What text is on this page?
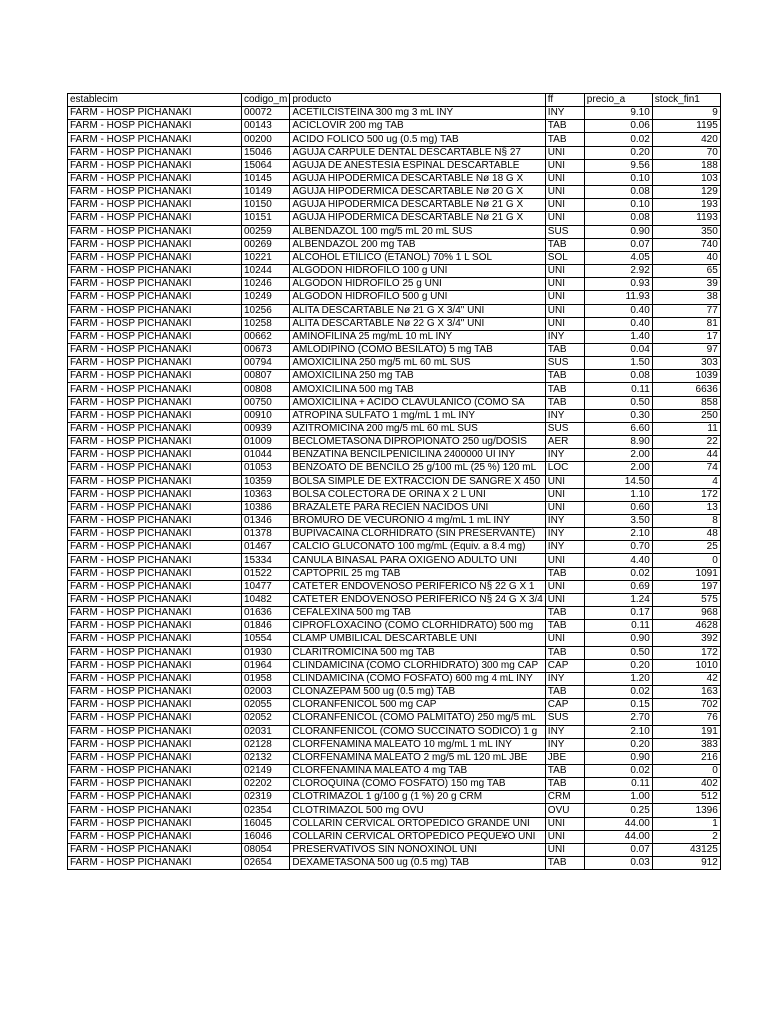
establecim	codigo_m	producto	ff	precio_a	stock_fin1
FARM - HOSP PICHANAKI	00072	ACETILCISTEINA 300 mg 3 mL INY	INY	9.10	9
FARM - HOSP PICHANAKI	00143	ACICLOVIR 200 mg TAB	TAB	0.06	1195
FARM - HOSP PICHANAKI	00200	ACIDO FOLICO 500 ug (0.5 mg) TAB	TAB	0.02	420
FARM - HOSP PICHANAKI	15046	AGUJA CARPULE DENTAL DESCARTABLE N§ 27	UNI	0.20	70
FARM - HOSP PICHANAKI	15064	AGUJA DE ANESTESIA ESPINAL DESCARTABLE	UNI	9.56	188
FARM - HOSP PICHANAKI	10145	AGUJA HIPODERMICA DESCARTABLE Nø 18 G X	UNI	0.10	103
FARM - HOSP PICHANAKI	10149	AGUJA HIPODERMICA DESCARTABLE Nø 20 G X	UNI	0.08	129
FARM - HOSP PICHANAKI	10150	AGUJA HIPODERMICA DESCARTABLE Nø 21 G X	UNI	0.10	193
FARM - HOSP PICHANAKI	10151	AGUJA HIPODERMICA DESCARTABLE Nø 21 G X	UNI	0.08	1193
FARM - HOSP PICHANAKI	00259	ALBENDAZOL 100 mg/5 mL 20 mL SUS	SUS	0.90	350
FARM - HOSP PICHANAKI	00269	ALBENDAZOL 200 mg TAB	TAB	0.07	740
FARM - HOSP PICHANAKI	10221	ALCOHOL ETILICO (ETANOL) 70% 1 L SOL	SOL	4.05	40
FARM - HOSP PICHANAKI	10244	ALGODON HIDROFILO 100 g UNI	UNI	2.92	65
FARM - HOSP PICHANAKI	10246	ALGODON HIDROFILO 25 g UNI	UNI	0.93	39
FARM - HOSP PICHANAKI	10249	ALGODON HIDROFILO 500 g UNI	UNI	11.93	38
FARM - HOSP PICHANAKI	10256	ALITA DESCARTABLE Nø 21 G X 3/4" UNI	UNI	0.40	77
FARM - HOSP PICHANAKI	10258	ALITA DESCARTABLE Nø 22 G X 3/4" UNI	UNI	0.40	81
FARM - HOSP PICHANAKI	00662	AMINOFILINA 25 mg/mL 10 mL INY	INY	1.40	17
FARM - HOSP PICHANAKI	00673	AMLODIPINO (COMO BESILATO) 5 mg TAB	TAB	0.04	97
FARM - HOSP PICHANAKI	00794	AMOXICILINA 250 mg/5 mL 60 mL SUS	SUS	1.50	303
FARM - HOSP PICHANAKI	00807	AMOXICILINA 250 mg TAB	TAB	0.08	1039
FARM - HOSP PICHANAKI	00808	AMOXICILINA 500 mg TAB	TAB	0.11	6636
FARM - HOSP PICHANAKI	00750	AMOXICILINA + ACIDO CLAVULANICO (COMO SA	TAB	0.50	858
FARM - HOSP PICHANAKI	00910	ATROPINA SULFATO 1 mg/mL 1 mL INY	INY	0.30	250
FARM - HOSP PICHANAKI	00939	AZITROMICINA 200 mg/5 mL 60 mL SUS	SUS	6.60	11
FARM - HOSP PICHANAKI	01009	BECLOMETASONA DIPROPIONATO 250 ug/DOSIS	AER	8.90	22
FARM - HOSP PICHANAKI	01044	BENZATINA BENCILPENICILINA 2400000 UI INY	INY	2.00	44
FARM - HOSP PICHANAKI	01053	BENZOATO DE BENCILO 25 g/100 mL (25 %) 120 mL	LOC	2.00	74
FARM - HOSP PICHANAKI	10359	BOLSA SIMPLE DE EXTRACCION DE SANGRE X 450	UNI	14.50	4
FARM - HOSP PICHANAKI	10363	BOLSA COLECTORA DE ORINA X 2 L UNI	UNI	1.10	172
FARM - HOSP PICHANAKI	10386	BRAZALETE PARA RECIEN NACIDOS UNI	UNI	0.60	13
FARM - HOSP PICHANAKI	01346	BROMURO DE VECURONIO 4 mg/mL 1 mL INY	INY	3.50	8
FARM - HOSP PICHANAKI	01378	BUPIVACAINA CLORHIDRATO (SIN PRESERVANTE)	INY	2.10	48
FARM - HOSP PICHANAKI	01467	CALCIO GLUCONATO 100 mg/mL (Equiv. a 8.4 mg)	INY	0.70	25
FARM - HOSP PICHANAKI	15334	CANULA BINASAL PARA OXIGENO ADULTO UNI	UNI	4.40	0
FARM - HOSP PICHANAKI	01522	CAPTOPRIL 25 mg TAB	TAB	0.02	1091
FARM - HOSP PICHANAKI	10477	CATETER ENDOVENOSO PERIFERICO N§ 22 G X 1	UNI	0.69	197
FARM - HOSP PICHANAKI	10482	CATETER ENDOVENOSO PERIFERICO N§ 24 G X 3/4	UNI	1.24	575
FARM - HOSP PICHANAKI	01636	CEFALEXINA 500 mg TAB	TAB	0.17	968
FARM - HOSP PICHANAKI	01846	CIPROFLOXACINO (COMO CLORHIDRATO) 500 mg	TAB	0.11	4628
FARM - HOSP PICHANAKI	10554	CLAMP UMBILICAL DESCARTABLE UNI	UNI	0.90	392
FARM - HOSP PICHANAKI	01930	CLARITROMICINA 500 mg TAB	TAB	0.50	172
FARM - HOSP PICHANAKI	01964	CLINDAMICINA (COMO CLORHIDRATO) 300 mg CAP	CAP	0.20	1010
FARM - HOSP PICHANAKI	01958	CLINDAMICINA (COMO FOSFATO) 600 mg 4 mL INY	INY	1.20	42
FARM - HOSP PICHANAKI	02003	CLONAZEPAM 500 ug (0.5 mg) TAB	TAB	0.02	163
FARM - HOSP PICHANAKI	02055	CLORANFENICOL 500 mg CAP	CAP	0.15	702
FARM - HOSP PICHANAKI	02052	CLORANFENICOL (COMO PALMITATO) 250 mg/5 mL	SUS	2.70	76
FARM - HOSP PICHANAKI	02031	CLORANFENICOL (COMO SUCCINATO SODICO) 1 g	INY	2.10	191
FARM - HOSP PICHANAKI	02128	CLORFENAMINA MALEATO 10 mg/mL 1 mL INY	INY	0.20	383
FARM - HOSP PICHANAKI	02132	CLORFENAMINA MALEATO 2 mg/5 mL 120 mL JBE	JBE	0.90	216
FARM - HOSP PICHANAKI	02149	CLORFENAMINA MALEATO 4 mg TAB	TAB	0.02	0
FARM - HOSP PICHANAKI	02202	CLOROQUINA (COMO FOSFATO) 150 mg TAB	TAB	0.11	402
FARM - HOSP PICHANAKI	02319	CLOTRIMAZOL 1 g/100 g (1 %) 20 g CRM	CRM	1.00	512
FARM - HOSP PICHANAKI	02354	CLOTRIMAZOL 500 mg OVU	OVU	0.25	1396
FARM - HOSP PICHANAKI	16045	COLLARIN CERVICAL ORTOPEDICO GRANDE UNI	UNI	44.00	1
FARM - HOSP PICHANAKI	16046	COLLARIN CERVICAL ORTOPEDICO PEQUE¥O UNI	UNI	44.00	2
FARM - HOSP PICHANAKI	08054	PRESERVATIVOS SIN NONOXINOL UNI	UNI	0.07	43125
FARM - HOSP PICHANAKI	02654	DEXAMETASONA 500 ug (0.5 mg) TAB	TAB	0.03	912
